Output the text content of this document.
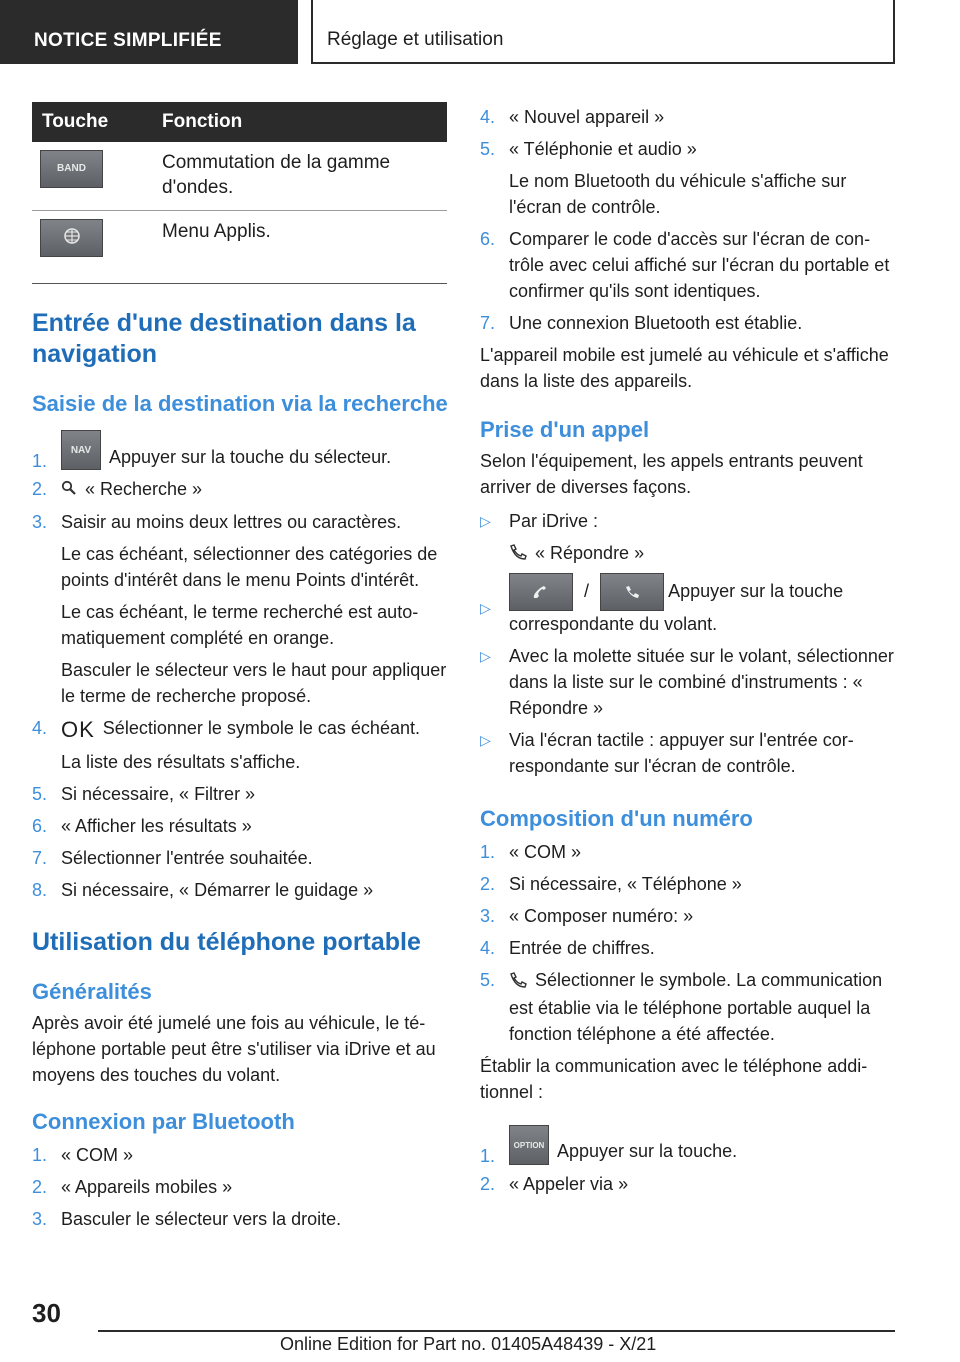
NOTICE SIMPLIFIÉE	Réglage et utilisation
Touche	Fonction
BAND	Commutation de la gamme d'ondes.
	Menu Applis.
Entrée d'une destination dans la navigation
Saisie de la destination via la recherche
1.
NAV Appuyer sur la touche du sélecteur.
2. « Recherche »
3. Saisir au moins deux lettres ou caractères.
Le cas échéant, sélectionner des catégories de points d'intérêt dans le menu Points d'intérêt.
Le cas échéant, le terme recherché est automatiquement complété en orange.
Basculer le sélecteur vers le haut pour appliquer le terme de recherche proposé.
4. OK Sélectionner le symbole le cas échéant.
La liste des résultats s'affiche.
5. Si nécessaire, « Filtrer »
6. « Afficher les résultats »
7. Sélectionner l'entrée souhaitée.
8. Si nécessaire, « Démarrer le guidage »
Utilisation du téléphone portable
Généralités

Après avoir été jumelé une fois au véhicule, le téléphone portable peut être s'utiliser via iDrive et au moyens des touches du volant.

Connexion par Bluetooth
1. « COM »
2. « Appareils mobiles »
3. Basculer le sélecteur vers la droite.
4. « Nouvel appareil »
5. « Téléphonie et audio »
Le nom Bluetooth du véhicule s'affiche sur l'écran de contrôle.
6. Comparer le code d'accès sur l'écran de contrôle avec celui affiché sur l'écran du portable et confirmer qu'ils sont identiques.
7. Une connexion Bluetooth est établie.

L'appareil mobile est jumelé au véhicule et s'affiche dans la liste des appareils.

Prise d'un appel

Selon l'équipement, les appels entrants peuvent arriver de diverses façons.

▷ Par iDrive :
« Répondre »
▷
/	Appuyer sur la touche correspondante du volant.
▷ Avec la molette située sur le volant, sélectionner dans la liste sur le combiné d'instruments : « Répondre »
▷ Via l'écran tactile : appuyer sur l'entrée correspondante sur l'écran de contrôle.
Composition d'un numéro
1. « COM »
2. Si nécessaire, « Téléphone »
3. « Composer numéro: »
4. Entrée de chiffres.
5. Sélectionner le symbole. La communication est établie via le téléphone portable auquel la fonction téléphone a été affectée.

Établir la communication avec le téléphone additionnel :

1.
OPTION Appuyer sur la touche.
2. « Appeler via »
30
Online Edition for Part no. 01405A48439 - X/21
